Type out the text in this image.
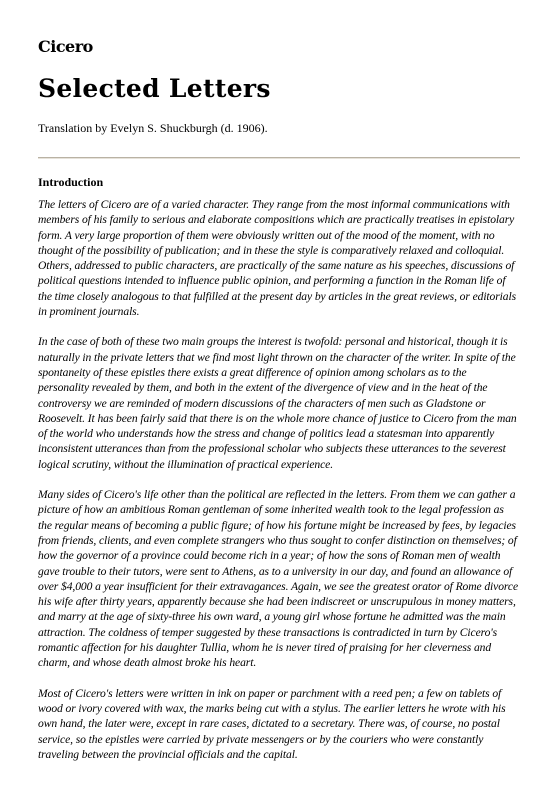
Cicero
Selected Letters

Translation by Evelyn S. Shuckburgh (d. 1906).

Introduction

The letters of Cicero are of a varied character. They range from the most informal communications with members of his family to serious and elaborate compositions which are practically treatises in epistolary form. A very large proportion of them were obviously written out of the mood of the moment, with no thought of the possibility of publication; and in these the style is comparatively relaxed and colloquial. Others, addressed to public characters, are practically of the same nature as his speeches, discussions of political questions intended to influence public opinion, and performing a function in the Roman life of the time closely analogous to that fulfilled at the present day by articles in the great reviews, or editorials in prominent journals.

In the case of both of these two main groups the interest is twofold: personal and historical, though it is naturally in the private letters that we find most light thrown on the character of the writer. In spite of the spontaneity of these epistles there exists a great difference of opinion among scholars as to the personality revealed by them, and both in the extent of the divergence of view and in the heat of the controversy we are reminded of modern discussions of the characters of men such as Gladstone or Roosevelt. It has been fairly said that there is on the whole more chance of justice to Cicero from the man of the world who understands how the stress and change of politics lead a statesman into apparently inconsistent utterances than from the professional scholar who subjects these utterances to the severest logical scrutiny, without the illumination of practical experience.

Many sides of Cicero's life other than the political are reflected in the letters. From them we can gather a picture of how an ambitious Roman gentleman of some inherited wealth took to the legal profession as the regular means of becoming a public figure; of how his fortune might be increased by fees, by legacies from friends, clients, and even complete strangers who thus sought to confer distinction on themselves; of how the governor of a province could become rich in a year; of how the sons of Roman men of wealth gave trouble to their tutors, were sent to Athens, as to a university in our day, and found an allowance of over $4,000 a year insufficient for their extravagances. Again, we see the greatest orator of Rome divorce his wife after thirty years, apparently because she had been indiscreet or unscrupulous in money matters, and marry at the age of sixty-three his own ward, a young girl whose fortune he admitted was the main attraction. The coldness of temper suggested by these transactions is contradicted in turn by Cicero's romantic affection for his daughter Tullia, whom he is never tired of praising for her cleverness and charm, and whose death almost broke his heart.

Most of Cicero's letters were written in ink on paper or parchment with a reed pen; a few on tablets of wood or ivory covered with wax, the marks being cut with a stylus. The earlier letters he wrote with his own hand, the later were, except in rare cases, dictated to a secretary. There was, of course, no postal service, so the epistles were carried by private messengers or by the couriers who were constantly traveling between the provincial officials and the capital.
